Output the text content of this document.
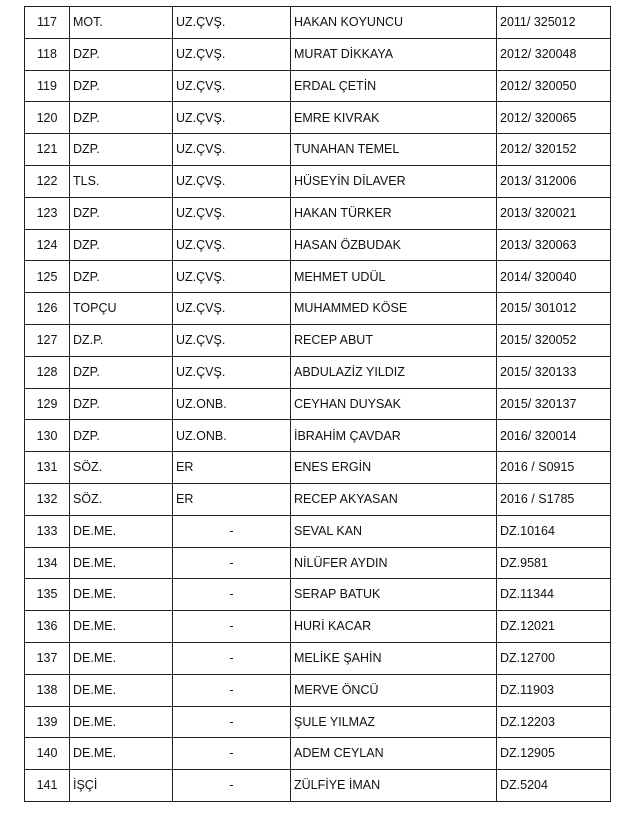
117	MOT.	UZ.ÇVŞ.	HAKAN KOYUNCU	2011/ 325012
118	DZP.	UZ.ÇVŞ.	MURAT DİKKAYA	2012/ 320048
119	DZP.	UZ.ÇVŞ.	ERDAL ÇETİN	2012/ 320050
120	DZP.	UZ.ÇVŞ.	EMRE KIVRAK	2012/ 320065
121	DZP.	UZ.ÇVŞ.	TUNAHAN TEMEL	2012/ 320152
122	TLS.	UZ.ÇVŞ.	HÜSEYİN DİLAVER	2013/ 312006
123	DZP.	UZ.ÇVŞ.	HAKAN TÜRKER	2013/ 320021
124	DZP.	UZ.ÇVŞ.	HASAN ÖZBUDAK	2013/ 320063
125	DZP.	UZ.ÇVŞ.	MEHMET UDÜL	2014/ 320040
126	TOPÇU	UZ.ÇVŞ.	MUHAMMED KÖSE	2015/ 301012
127	DZ.P.	UZ.ÇVŞ.	RECEP ABUT	2015/ 320052
128	DZP.	UZ.ÇVŞ.	ABDULAZİZ YILDIZ	2015/ 320133
129	DZP.	UZ.ONB.	CEYHAN DUYSAK	2015/ 320137
130	DZP.	UZ.ONB.	İBRAHİM ÇAVDAR	2016/ 320014
131	SÖZ.	ER	ENES ERGİN	2016 / S0915
132	SÖZ.	ER	RECEP AKYASAN	2016 / S1785
133	DE.ME.	-	SEVAL KAN	DZ.10164
134	DE.ME.	-	NİLÜFER AYDIN	DZ.9581
135	DE.ME.	-	SERAP BATUK	DZ.11344
136	DE.ME.	-	HURİ KACAR	DZ.12021
137	DE.ME.	-	MELİKE ŞAHİN	DZ.12700
138	DE.ME.	-	MERVE ÖNCÜ	DZ.11903
139	DE.ME.	-	ŞULE YILMAZ	DZ.12203
140	DE.ME.	-	ADEM CEYLAN	DZ.12905
141	İŞÇİ	-	ZÜLFİYE İMAN	DZ.5204
